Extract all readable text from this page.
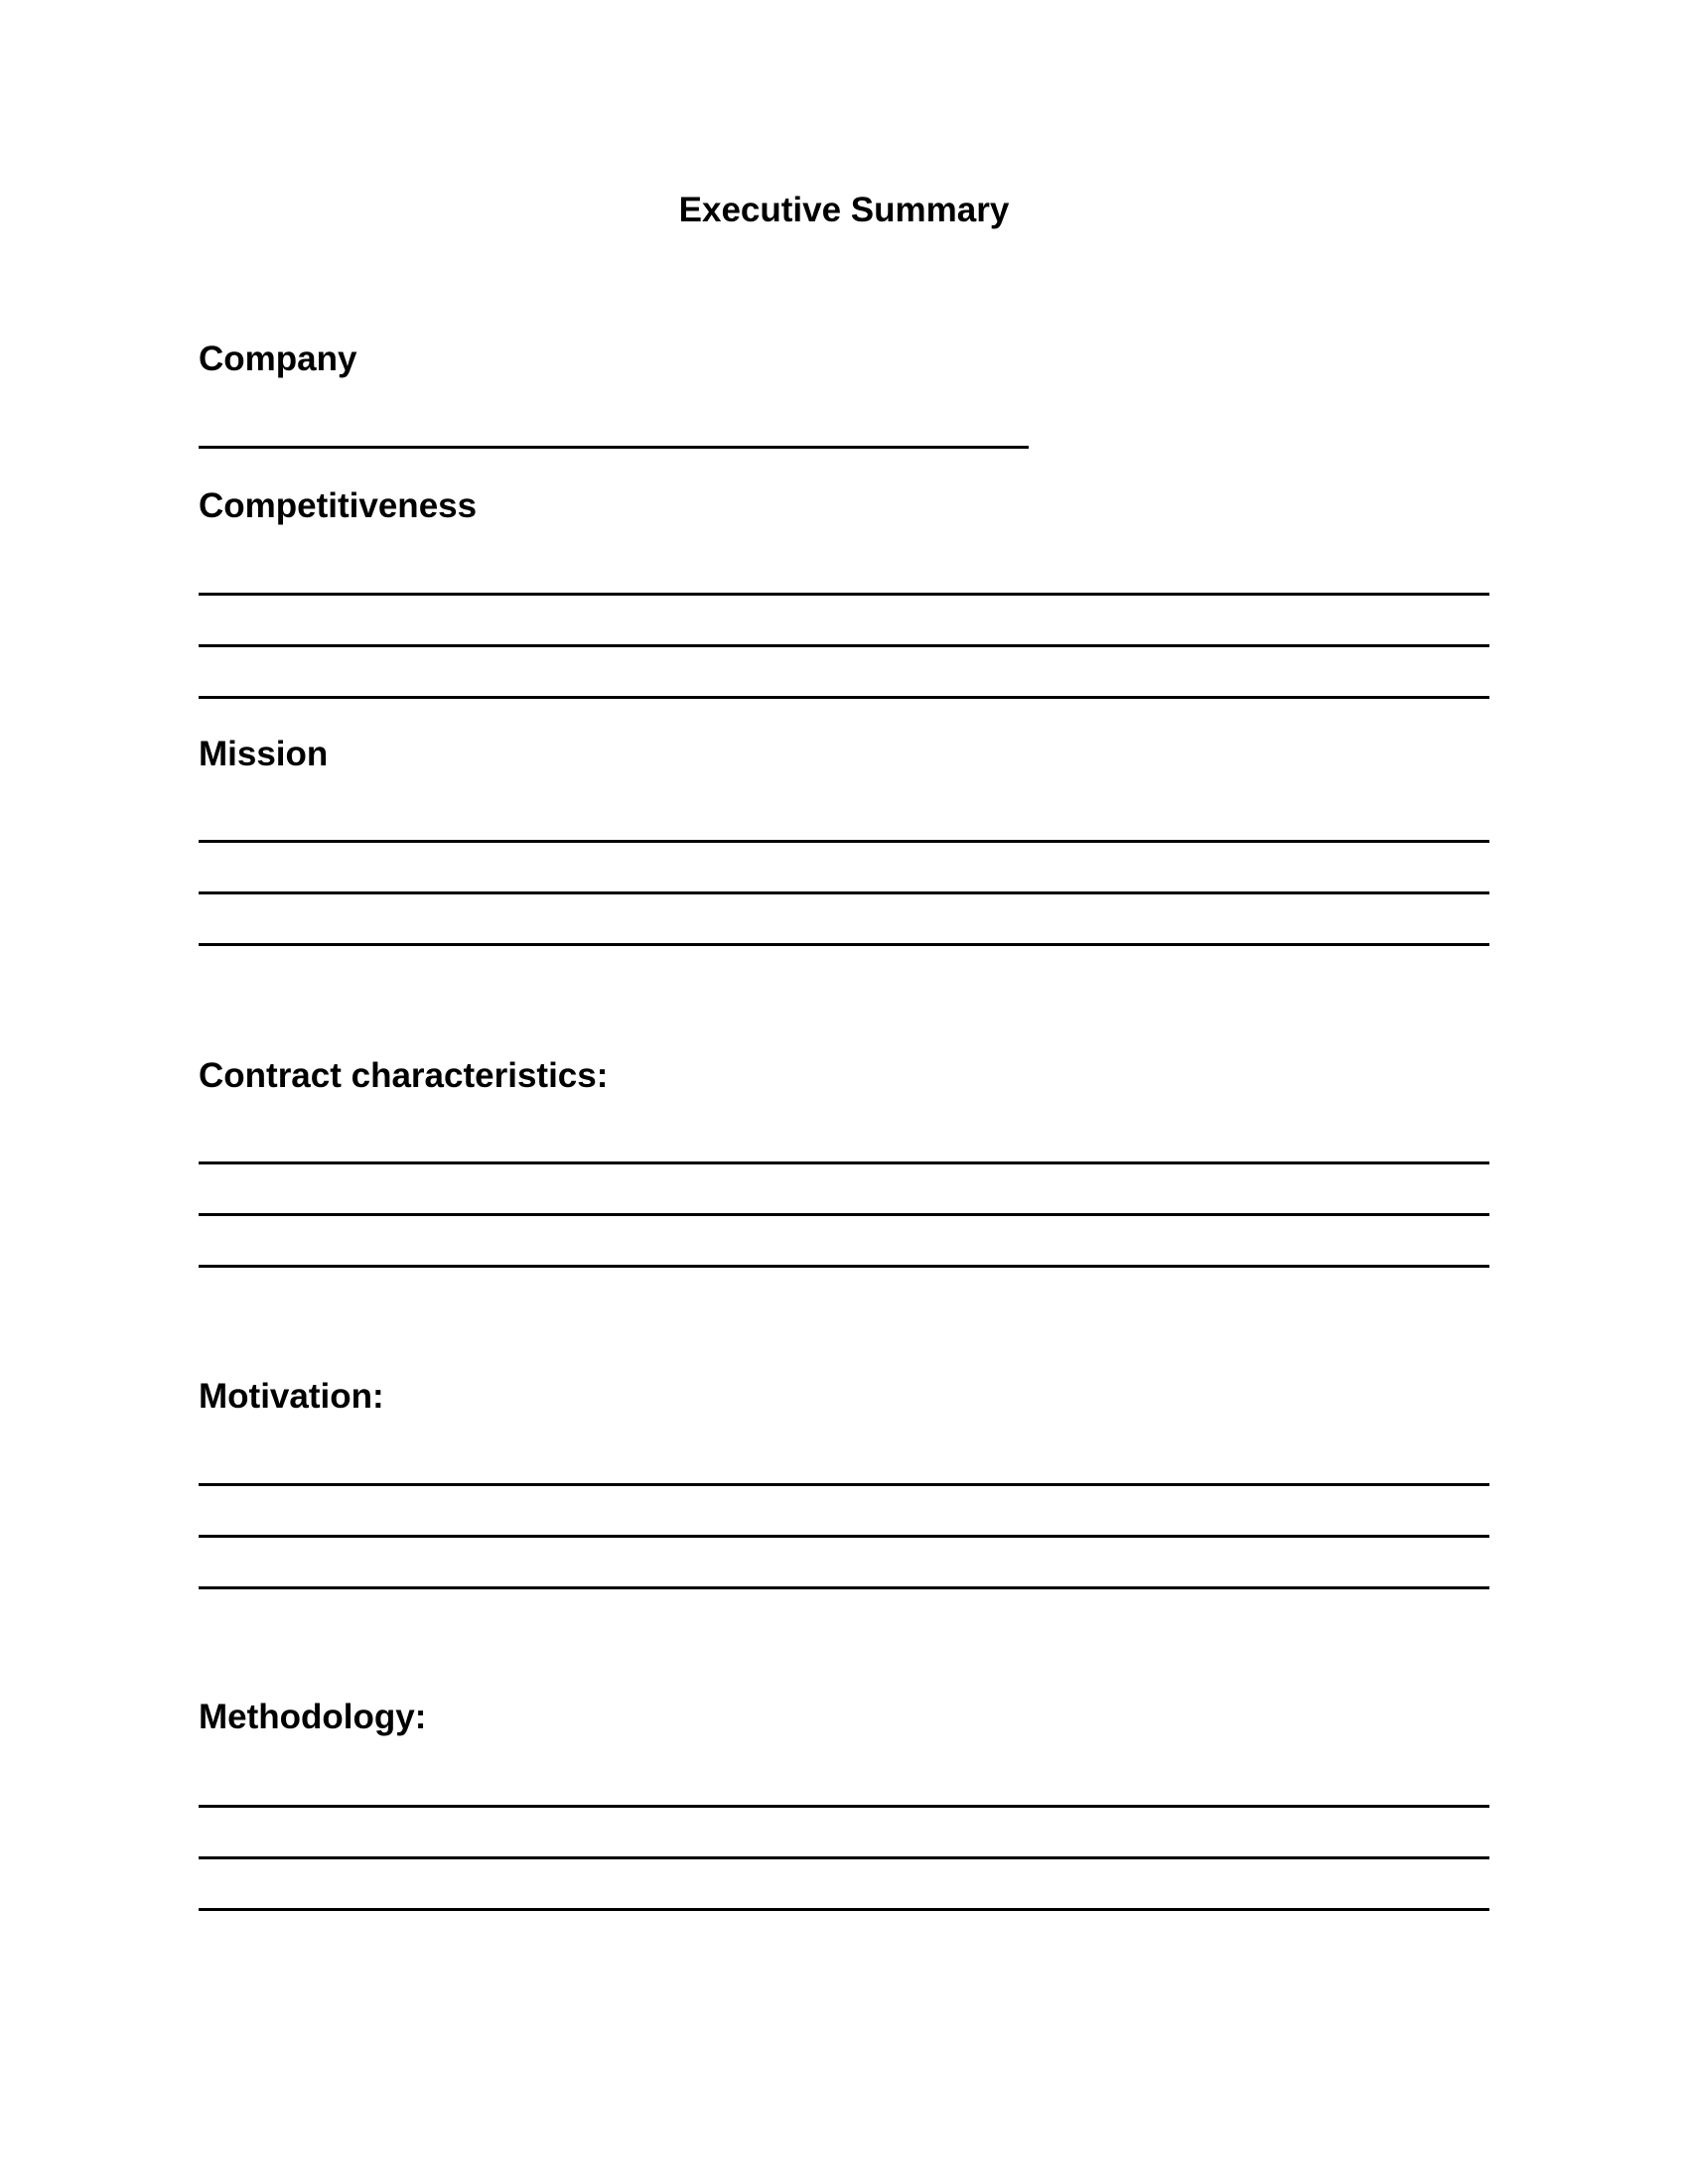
Executive Summary
Company
Competitiveness
Mission
Contract characteristics:
Motivation:
Methodology:
